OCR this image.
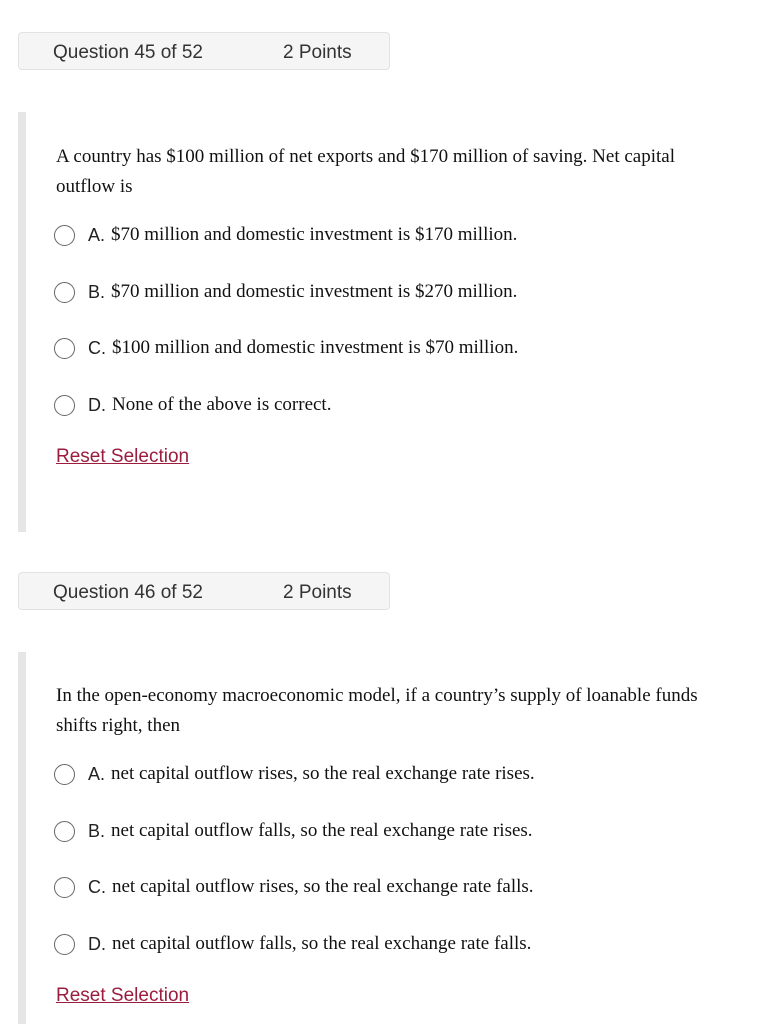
Question 45 of 52	2 Points
A country has $100 million of net exports and $170 million of saving. Net capital outflow is
A. $70 million and domestic investment is $170 million.
B. $70 million and domestic investment is $270 million.
C. $100 million and domestic investment is $70 million.
D. None of the above is correct.
Reset Selection
Question 46 of 52	2 Points
In the open-economy macroeconomic model, if a country’s supply of loanable funds shifts right, then
A. net capital outflow rises, so the real exchange rate rises.
B. net capital outflow falls, so the real exchange rate rises.
C. net capital outflow rises, so the real exchange rate falls.
D. net capital outflow falls, so the real exchange rate falls.
Reset Selection
